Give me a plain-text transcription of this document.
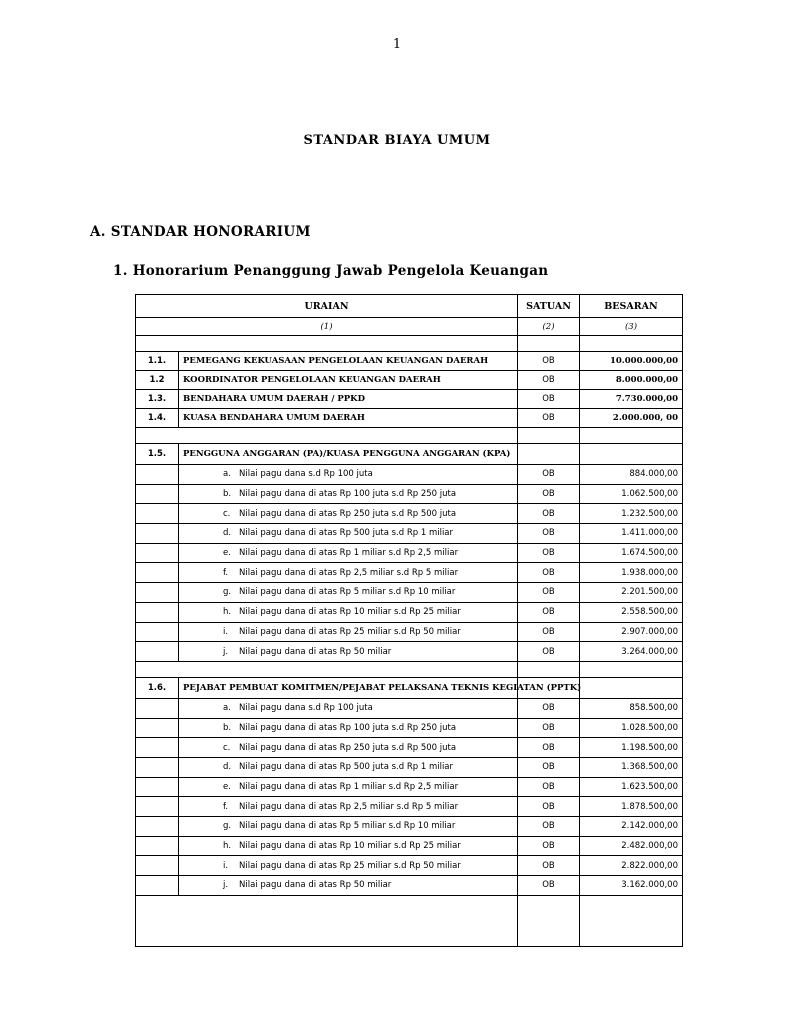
1
STANDAR BIAYA UMUM
A. STANDAR HONORARIUM
1. Honorarium Penanggung Jawab Pengelola Keuangan
URAIAN		SATUAN	BESARAN
(1)		(2)	(3)

1.1.	PEMEGANG KEKUASAAN PENGELOLAAN KEUANGAN DAERAH	OB	10.000.000,00
1.2	KOORDINATOR PENGELOLAAN KEUANGAN DAERAH	OB	8.000.000,00
1.3.	BENDAHARA UMUM DAERAH / PPKD	OB	7.730.000,00
1.4.	KUASA BENDAHARA UMUM DAERAH	OB	2.000.000, 00

1.5.	PENGGUNA ANGGARAN (PA)/KUASA PENGGUNA ANGGARAN (KPA)		
	a. Nilai pagu dana s.d Rp 100 juta	OB	884.000,00
	b. Nilai pagu dana di atas Rp 100 juta s.d Rp 250 juta	OB	1.062.500,00
	c. Nilai pagu dana di atas Rp 250 juta s.d Rp 500 juta	OB	1.232.500,00
	d. Nilai pagu dana di atas Rp 500 juta s.d Rp 1 miliar	OB	1.411.000,00
	e. Nilai pagu dana di atas Rp 1 miliar s.d Rp 2,5 miliar	OB	1.674.500,00
	f. Nilai pagu dana di atas Rp 2,5 miliar s.d Rp 5 miliar	OB	1.938.000,00
	g. Nilai pagu dana di atas Rp 5 miliar s.d Rp 10 miliar	OB	2.201.500,00
	h. Nilai pagu dana di atas Rp 10 miliar s.d Rp 25 miliar	OB	2.558.500,00
	i. Nilai pagu dana di atas Rp 25 miliar s.d Rp 50 miliar	OB	2.907.000,00
	j. Nilai pagu dana di atas Rp 50 miliar	OB	3.264.000,00

1.6.	PEJABAT PEMBUAT KOMITMEN/PEJABAT PELAKSANA TEKNIS KEGIATAN (PPTK)		
	a. Nilai pagu dana s.d Rp 100 juta	OB	858.500,00
	b. Nilai pagu dana di atas Rp 100 juta s.d Rp 250 juta	OB	1.028.500,00
	c. Nilai pagu dana di atas Rp 250 juta s.d Rp 500 juta	OB	1.198.500,00
	d. Nilai pagu dana di atas Rp 500 juta s.d Rp 1 miliar	OB	1.368.500,00
	e. Nilai pagu dana di atas Rp 1 miliar s.d Rp 2,5 miliar	OB	1.623.500,00
	f. Nilai pagu dana di atas Rp 2,5 miliar s.d Rp 5 miliar	OB	1.878.500,00
	g. Nilai pagu dana di atas Rp 5 miliar s.d Rp 10 miliar	OB	2.142.000,00
	h. Nilai pagu dana di atas Rp 10 miliar s.d Rp 25 miliar	OB	2.482.000,00
	i. Nilai pagu dana di atas Rp 25 miliar s.d Rp 50 miliar	OB	2.822.000,00
	j. Nilai pagu dana di atas Rp 50 miliar	OB	3.162.000,00
